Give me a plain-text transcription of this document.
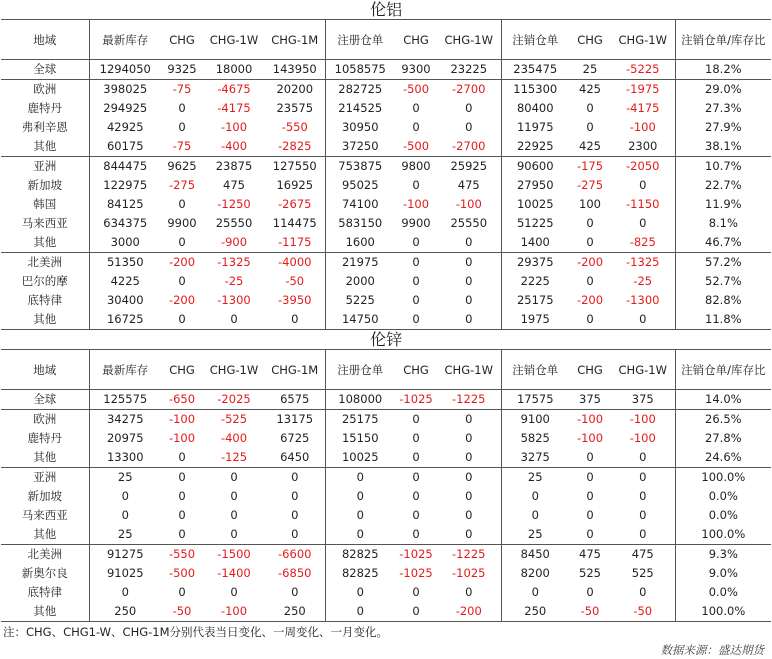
伦铝											
地域	最新库存	CHG	CHG-1W	CHG-1M	注册仓单	CHG	CHG-1W	注销仓单	CHG	CHG-1W	注销仓单/库存比
全球	1294050	9325	18000	143950	1058575	9300	23225	235475	25	-5225	18.2%
欧洲	398025	-75	-4675	20200	282725	-500	-2700	115300	425	-1975	29.0%
鹿特丹	294925	0	-4175	23575	214525	0	0	80400	0	-4175	27.3%
弗利辛恩	42925	0	-100	-550	30950	0	0	11975	0	-100	27.9%
其他	60175	-75	-400	-2825	37250	-500	-2700	22925	425	2300	38.1%
亚洲	844475	9625	23875	127550	753875	9800	25925	90600	-175	-2050	10.7%
新加坡	122975	-275	475	16925	95025	0	475	27950	-275	0	22.7%
韩国	84125	0	-1250	-2675	74100	-100	-100	10025	100	-1150	11.9%
马来西亚	634375	9900	25550	114475	583150	9900	25550	51225	0	0	8.1%
其他	3000	0	-900	-1175	1600	0	0	1400	0	-825	46.7%
北美洲	51350	-200	-1325	-4000	21975	0	0	29375	-200	-1325	57.2%
巴尔的摩	4225	0	-25	-50	2000	0	0	2225	0	-25	52.7%
底特律	30400	-200	-1300	-3950	5225	0	0	25175	-200	-1300	82.8%
其他	16725	0	0	0	14750	0	0	1975	0	0	11.8%

伦锌											
地域	最新库存	CHG	CHG-1W	CHG-1M	注册仓单	CHG	CHG-1W	注销仓单	CHG	CHG-1W	注销仓单/库存比
全球	125575	-650	-2025	6575	108000	-1025	-1225	17575	375	375	14.0%
欧洲	34275	-100	-525	13175	25175	0	0	9100	-100	-100	26.5%
鹿特丹	20975	-100	-400	6725	15150	0	0	5825	-100	-100	27.8%
其他	13300	0	-125	6450	10025	0	0	3275	0	0	24.6%
亚洲	25	0	0	0	0	0	0	25	0	0	100.0%
新加坡	0	0	0	0	0	0	0	0	0	0	0.0%
马来西亚	0	0	0	0	0	0	0	0	0	0	0.0%
其他	25	0	0	0	0	0	0	25	0	0	100.0%
北美洲	91275	-550	-1500	-6600	82825	-1025	-1225	8450	475	475	9.3%
新奥尔良	91025	-500	-1400	-6850	82825	-1025	-1025	8200	525	525	9.0%
底特律	0	0	0	0	0	0	0	0	0	0	0.0%
其他	250	-50	-100	250	0	0	-200	250	-50	-50	100.0%

注：CHG、CHG1-W、CHG-1M分别代表当日变化、一周变化、一月变化。
数据来源：盛达期货
